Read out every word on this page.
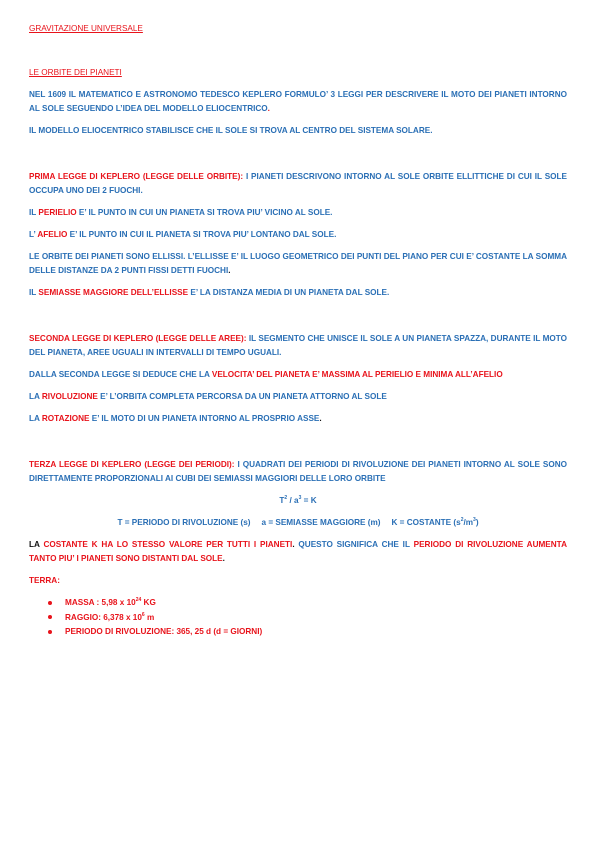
GRAVITAZIONE UNIVERSALE

LE ORBITE DEI PIANETI

NEL 1609 IL MATEMATICO E ASTRONOMO TEDESCO KEPLERO FORMULO’ 3 LEGGI PER DESCRIVERE IL MOTO DEI PIANETI INTORNO AL SOLE SEGUENDO L’IDEA DEL MODELLO ELIOCENTRICO.

IL MODELLO ELIOCENTRICO STABILISCE CHE IL SOLE SI TROVA AL CENTRO DEL SISTEMA SOLARE.

PRIMA LEGGE DI KEPLERO (LEGGE DELLE ORBITE): I PIANETI DESCRIVONO INTORNO AL SOLE ORBITE ELLITTICHE DI CUI IL SOLE OCCUPA UNO DEI 2 FUOCHI.

IL PERIELIO E’ IL PUNTO IN CUI UN PIANETA SI TROVA PIU’ VICINO AL SOLE.

L’ AFELIO E’ IL PUNTO IN CUI IL PIANETA SI TROVA PIU’ LONTANO DAL SOLE.

LE ORBITE DEI PIANETI SONO ELLISSI. L’ELLISSE E’ IL LUOGO GEOMETRICO DEI PUNTI DEL PIANO PER CUI E’ COSTANTE LA SOMMA DELLE DISTANZE DA 2 PUNTI FISSI DETTI FUOCHI.

IL SEMIASSE MAGGIORE DELL’ELLISSE E’ LA DISTANZA MEDIA DI UN PIANETA DAL SOLE.

SECONDA LEGGE DI KEPLERO (LEGGE DELLE AREE): IL SEGMENTO CHE UNISCE IL SOLE A UN PIANETA SPAZZA, DURANTE IL MOTO DEL PIANETA, AREE UGUALI IN INTERVALLI DI TEMPO UGUALI.

DALLA SECONDA LEGGE SI DEDUCE CHE LA VELOCITA’ DEL PIANETA E’ MASSIMA AL PERIELIO E MINIMA ALL’AFELIO

LA RIVOLUZIONE E’ L’ORBITA COMPLETA PERCORSA DA UN PIANETA ATTORNO AL SOLE

LA ROTAZIONE E’ IL MOTO DI UN PIANETA INTORNO AL PROSPRIO ASSE.

TERZA LEGGE DI KEPLERO (LEGGE DEI PERIODI): I QUADRATI DEI PERIODI DI RIVOLUZIONE DEI PIANETI INTORNO AL SOLE SONO DIRETTAMENTE PROPORZIONALI AI CUBI DEI SEMIASSI MAGGIORI DELLE LORO ORBITE

$T^2 / a^3 = K$

T = PERIODO DI RIVOLUZIONE (s) a = SEMIASSE MAGGIORE (m) K = COSTANTE $(s^2/m^3)$

LA COSTANTE K HA LO STESSO VALORE PER TUTTI I PIANETI. QUESTO SIGNIFICA CHE IL PERIODO DI RIVOLUZIONE AUMENTA TANTO PIU’ I PIANETI SONO DISTANTI DAL SOLE.

TERRA:

MASSA : 5,98 x $10^{24}$ KG
RAGGIO: 6,378 x $10^6$ m
PERIODO DI RIVOLUZIONE: 365, 25 d (d = GIORNI)
